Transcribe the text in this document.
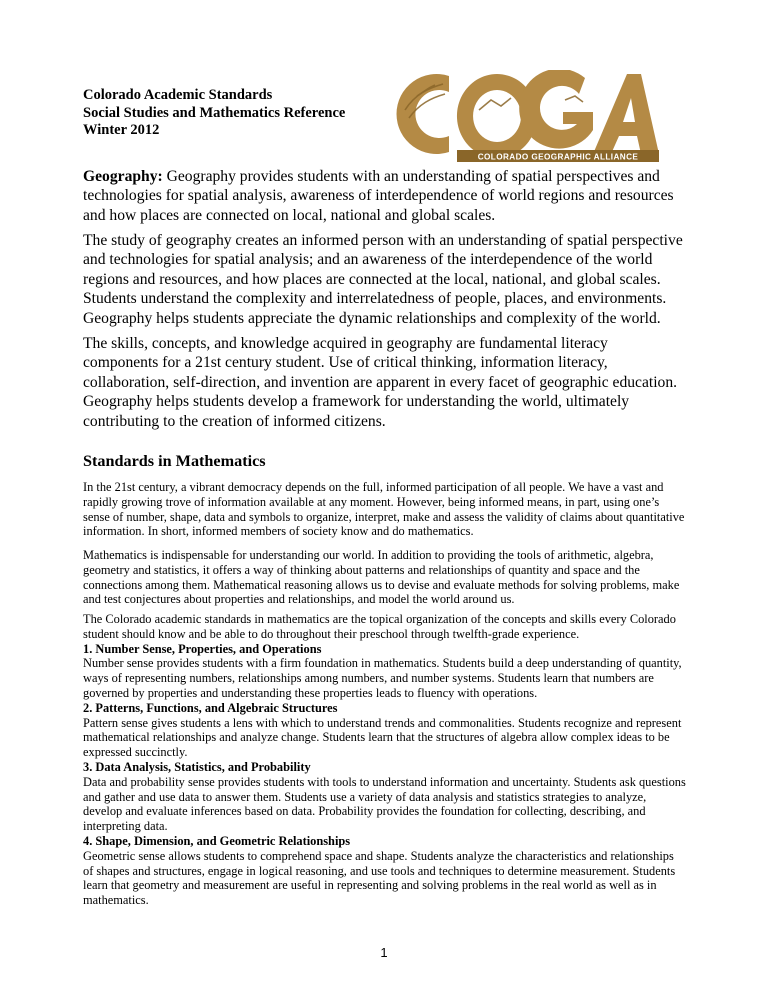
Colorado Academic Standards
Social Studies and Mathematics Reference
Winter 2012
COLORADO GEOGRAPHIC ALLIANCE

Geography: Geography provides students with an understanding of spatial perspectives and technologies for spatial analysis, awareness of interdependence of world regions and resources and how places are connected on local, national and global scales.

The study of geography creates an informed person with an understanding of spatial perspective and technologies for spatial analysis; and an awareness of the interdependence of the world regions and resources, and how places are connected at the local, national, and global scales. Students understand the complexity and interrelatedness of people, places, and environments. Geography helps students appreciate the dynamic relationships and complexity of the world.

The skills, concepts, and knowledge acquired in geography are fundamental literacy components for a 21st century student. Use of critical thinking, information literacy, collaboration, self-direction, and invention are apparent in every facet of geographic education. Geography helps students develop a framework for understanding the world, ultimately contributing to the creation of informed citizens.

Standards in Mathematics

In the 21st century, a vibrant democracy depends on the full, informed participation of all people. We have a vast and rapidly growing trove of information available at any moment. However, being informed means, in part, using one’s sense of number, shape, data and symbols to organize, interpret, make and assess the validity of claims about quantitative information. In short, informed members of society know and do mathematics.

Mathematics is indispensable for understanding our world. In addition to providing the tools of arithmetic, algebra, geometry and statistics, it offers a way of thinking about patterns and relationships of quantity and space and the connections among them. Mathematical reasoning allows us to devise and evaluate methods for solving problems, make and test conjectures about properties and relationships, and model the world around us.

The Colorado academic standards in mathematics are the topical organization of the concepts and skills every Colorado student should know and be able to do throughout their preschool through twelfth-grade experience.
1. Number Sense, Properties, and Operations
Number sense provides students with a firm foundation in mathematics. Students build a deep understanding of quantity, ways of representing numbers, relationships among numbers, and number systems. Students learn that numbers are governed by properties and understanding these properties leads to fluency with operations.
2. Patterns, Functions, and Algebraic Structures
Pattern sense gives students a lens with which to understand trends and commonalities. Students recognize and represent mathematical relationships and analyze change. Students learn that the structures of algebra allow complex ideas to be expressed succinctly.
3. Data Analysis, Statistics, and Probability
Data and probability sense provides students with tools to understand information and uncertainty. Students ask questions and gather and use data to answer them. Students use a variety of data analysis and statistics strategies to analyze, develop and evaluate inferences based on data. Probability provides the foundation for collecting, describing, and interpreting data.
4. Shape, Dimension, and Geometric Relationships
Geometric sense allows students to comprehend space and shape. Students analyze the characteristics and relationships of shapes and structures, engage in logical reasoning, and use tools and techniques to determine measurement. Students learn that geometry and measurement are useful in representing and solving problems in the real world as well as in mathematics.
1
